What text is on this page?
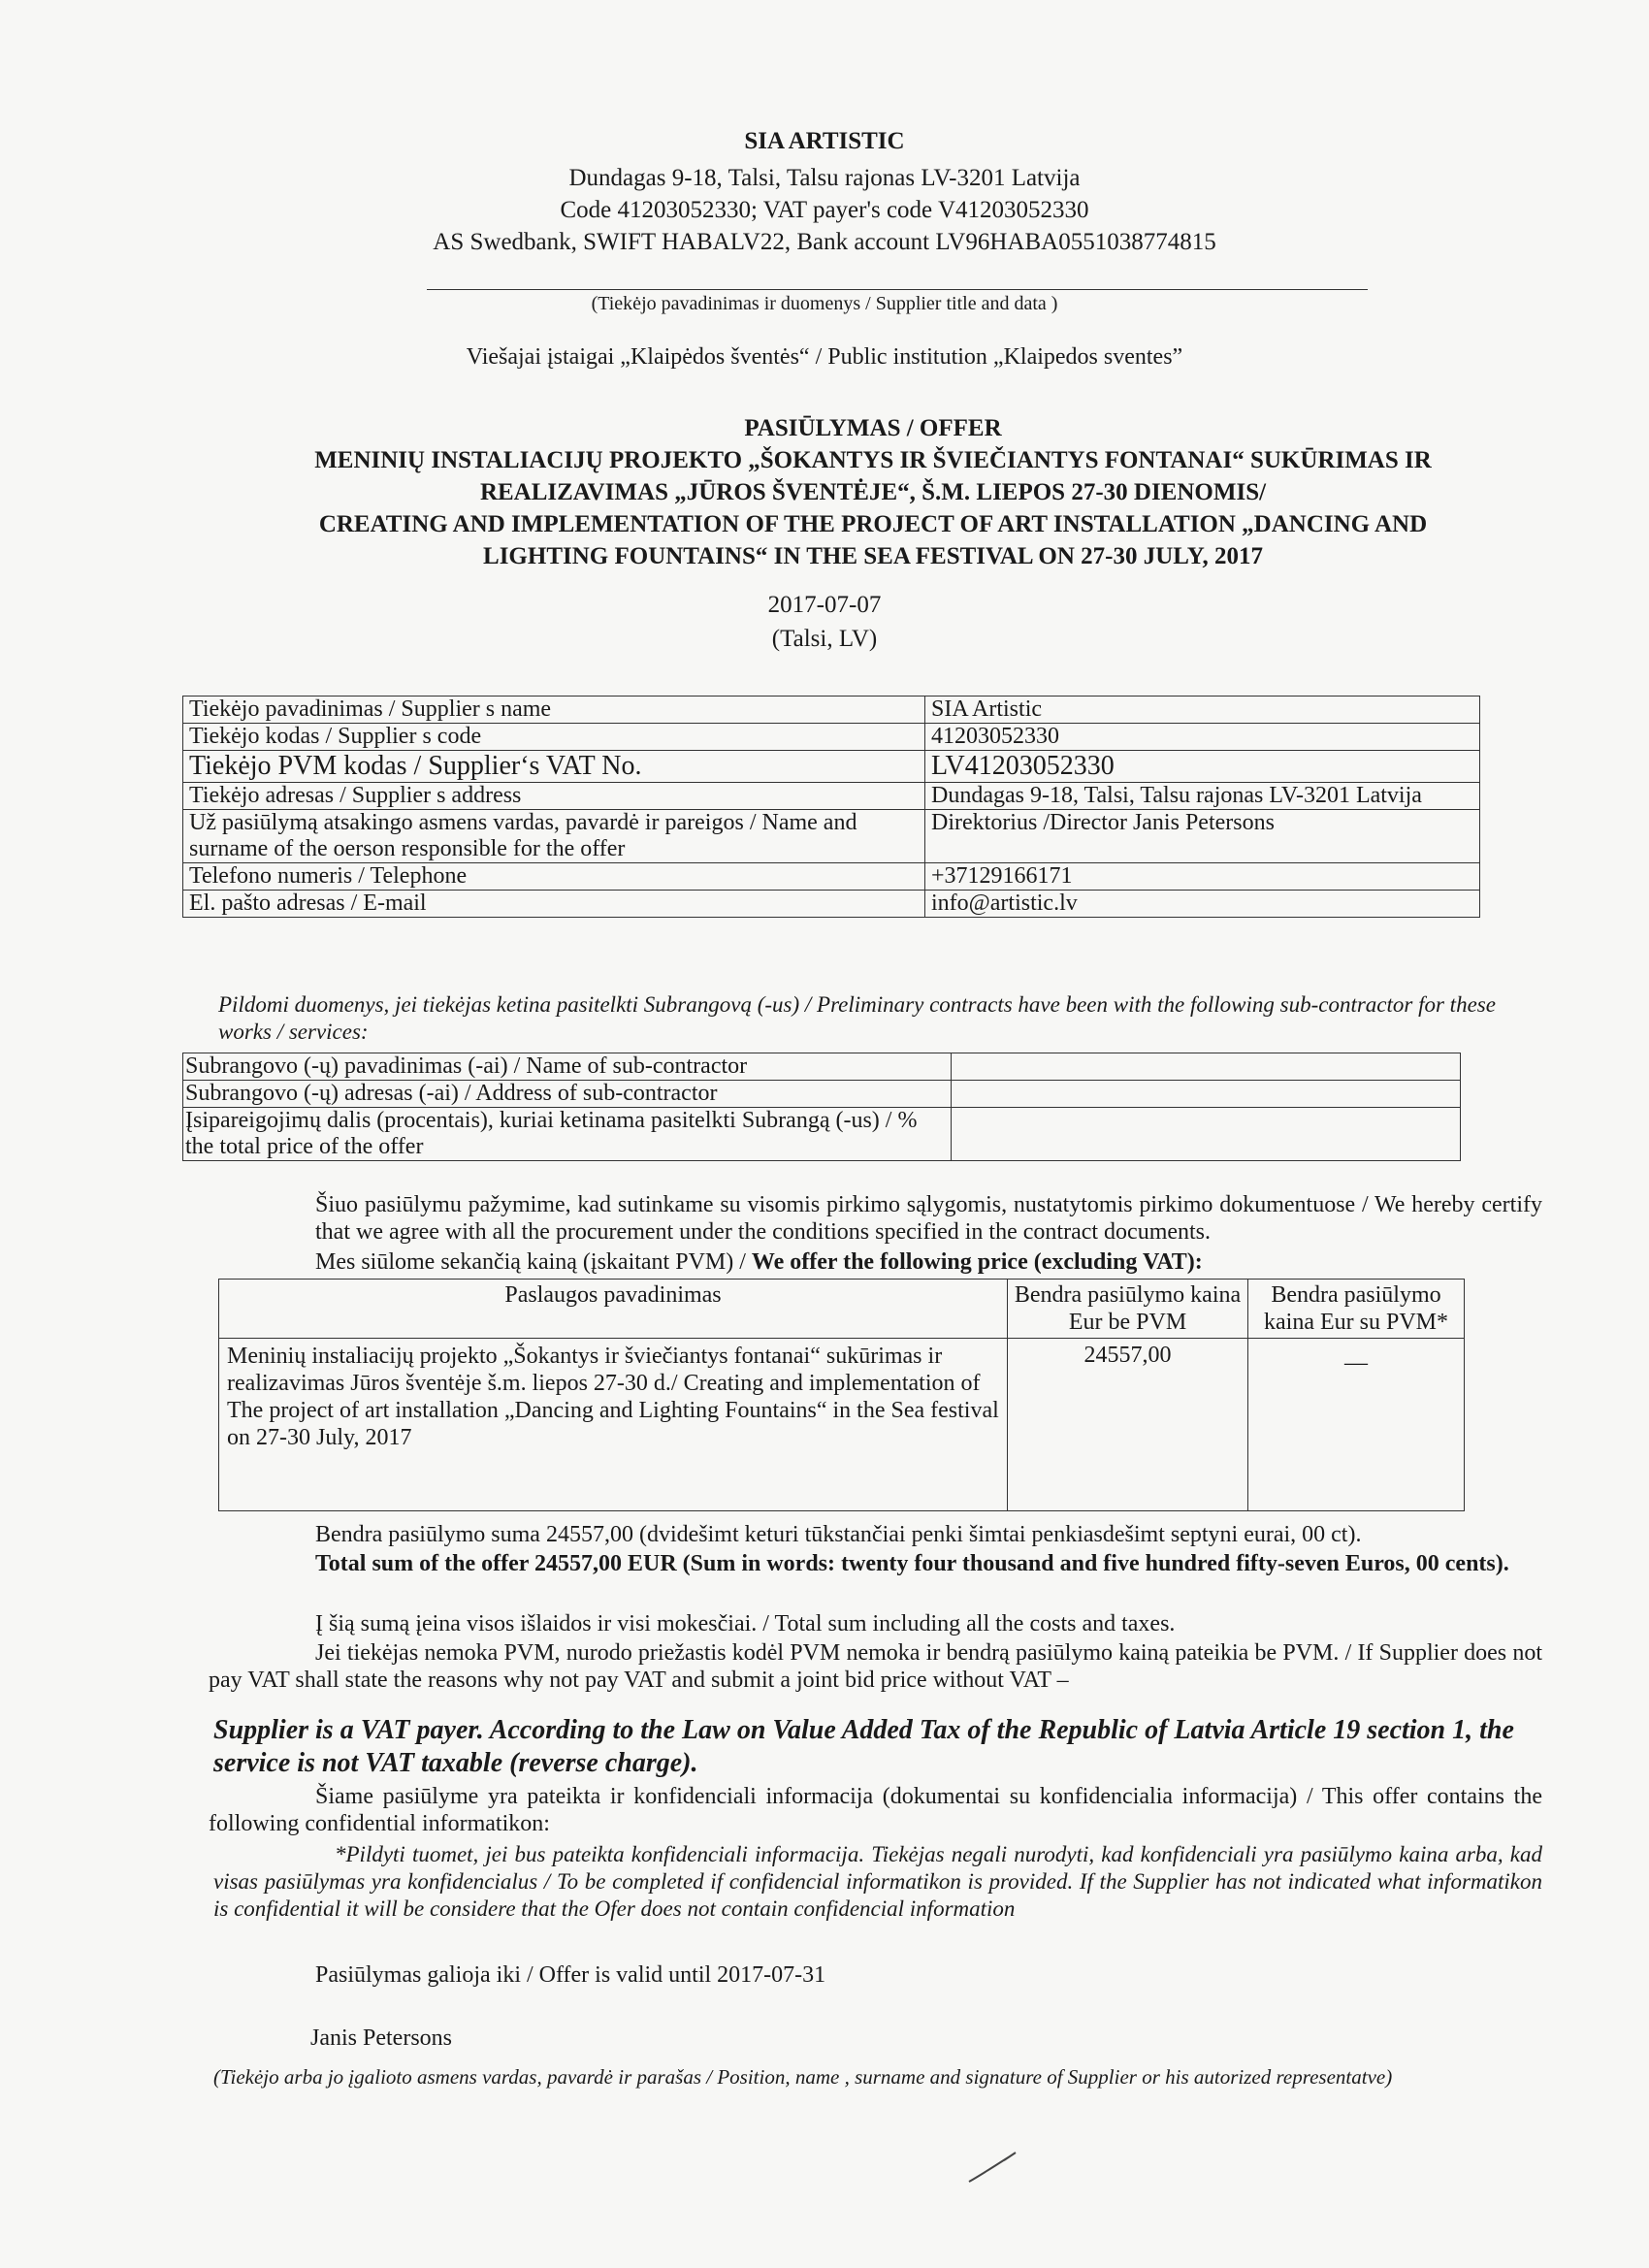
SIA ARTISTIC
Dundagas 9-18, Talsi, Talsu rajonas LV-3201 Latvija
Code 41203052330; VAT payer's code V41203052330
AS Swedbank, SWIFT HABALV22, Bank account LV96HABA0551038774815
(Tiekėjo pavadinimas ir duomenys / Supplier title and data )
Viešajai įstaigai „Klaipėdos šventės“ / Public institution „Klaipedos sventes”
PASIŪLYMAS / OFFER
MENINIŲ INSTALIACIJŲ PROJEKTO „ŠOKANTYS IR ŠVIEČIANTYS FONTANAI“ SUKŪRIMAS IR
REALIZAVIMAS „JŪROS ŠVENTĖJE“, Š.M. LIEPOS 27-30 DIENOMIS/
CREATING AND IMPLEMENTATION OF THE PROJECT OF ART INSTALLATION „DANCING AND
LIGHTING FOUNTAINS“ IN THE SEA FESTIVAL ON 27-30 JULY, 2017
2017-07-07
(Talsi, LV)
Tiekėjo pavadinimas / Supplier s name	SIA Artistic
Tiekėjo kodas / Supplier s code	41203052330
Tiekėjo PVM kodas / Supplier‘s VAT No.	LV41203052330
Tiekėjo adresas / Supplier s address	Dundagas 9-18, Talsi, Talsu rajonas LV-3201 Latvija
Už pasiūlymą atsakingo asmens vardas, pavardė ir pareigos / Name and surname of the oerson responsible for the offer	Direktorius /Director Janis Petersons
Telefono numeris / Telephone	+37129166171
El. pašto adresas / E-mail	info@artistic.lv
Pildomi duomenys, jei tiekėjas ketina pasitelkti Subrangovą (-us) / Preliminary contracts have been with the following sub-contractor for these works / services:
Subrangovo (-ų) pavadinimas (-ai) / Name of sub-contractor	
Subrangovo (-ų) adresas (-ai) / Address of sub-contractor	
Įsipareigojimų dalis (procentais), kuriai ketinama pasitelkti Subrangą (-us) / % the total price of the offer	
Šiuo pasiūlymu pažymime, kad sutinkame su visomis pirkimo sąlygomis, nustatytomis pirkimo dokumentuose / We hereby certify that we agree with all the procurement under the conditions specified in the contract documents.
Mes siūlome sekančią kainą (įskaitant PVM) / We offer the following price (excluding VAT):
Paslaugos pavadinimas	Bendra pasiūlymo kaina Eur be PVM	Bendra pasiūlymo kaina Eur su PVM*
Meninių instaliacijų projekto „Šokantys ir šviečiantys fontanai“ sukūrimas ir realizavimas Jūros šventėje š.m. liepos 27-30 d./ Creating and implementation of The project of art installation „Dancing and Lighting Fountains“ in the Sea festival on 27-30 July, 2017	24557,00	—
Bendra pasiūlymo suma 24557,00 (dvidešimt keturi tūkstančiai penki šimtai penkiasdešimt septyni eurai, 00 ct).
Total sum of the offer 24557,00 EUR (Sum in words: twenty four thousand and five hundred fifty-seven Euros, 00 cents).
Į šią sumą įeina visos išlaidos ir visi mokesčiai. / Total sum including all the costs and taxes.
Jei tiekėjas nemoka PVM, nurodo priežastis kodėl PVM nemoka ir bendrą pasiūlymo kainą pateikia be PVM. / If Supplier does not pay VAT shall state the reasons why not pay VAT and submit a joint bid price without VAT –
Supplier is a VAT payer. According to the Law on Value Added Tax of the Republic of Latvia Article 19 section 1, the service is not VAT taxable (reverse charge).
Šiame pasiūlyme yra pateikta ir konfidenciali informacija (dokumentai su konfidencialia informacija) / This offer contains the following confidential informatikon:
*Pildyti tuomet, jei bus pateikta konfidenciali informacija. Tiekėjas negali nurodyti, kad konfidenciali yra pasiūlymo kaina arba, kad visas pasiūlymas yra konfidencialus / To be completed if confidencial informatikon is provided. If the Supplier has not indicated what informatikon is confidential it will be considere that the Ofer does not contain confidencial information
Pasiūlymas galioja iki / Offer is valid until 2017-07-31
Janis Petersons
(Tiekėjo arba jo įgalioto asmens vardas, pavardė ir parašas / Position, name , surname and signature of Supplier or his autorized representatve)
